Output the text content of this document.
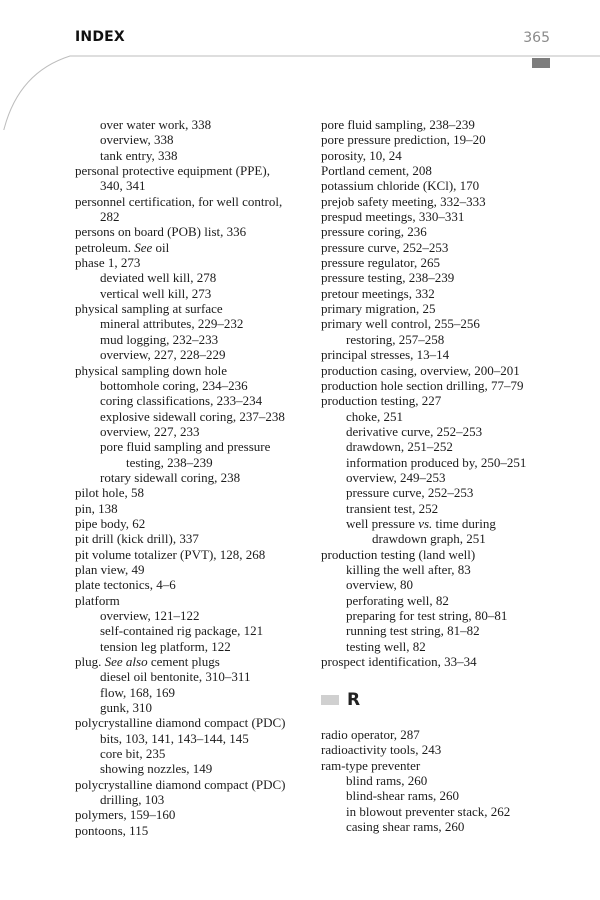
INDEX	365
over water work, 338
overview, 338
tank entry, 338
personal protective equipment (PPE),
340, 341
personnel certification, for well control,
282
persons on board (POB) list, 336
petroleum. See oil
phase 1, 273
deviated well kill, 278
vertical well kill, 273
physical sampling at surface
mineral attributes, 229–232
mud logging, 232–233
overview, 227, 228–229
physical sampling down hole
bottomhole coring, 234–236
coring classifications, 233–234
explosive sidewall coring, 237–238
overview, 227, 233
pore fluid sampling and pressure
testing, 238–239
rotary sidewall coring, 238
pilot hole, 58
pin, 138
pipe body, 62
pit drill (kick drill), 337
pit volume totalizer (PVT), 128, 268
plan view, 49
plate tectonics, 4–6
platform
overview, 121–122
self-contained rig package, 121
tension leg platform, 122
plug. See also cement plugs
diesel oil bentonite, 310–311
flow, 168, 169
gunk, 310
polycrystalline diamond compact (PDC)
bits, 103, 141, 143–144, 145
core bit, 235
showing nozzles, 149
polycrystalline diamond compact (PDC)
drilling, 103
polymers, 159–160
pontoons, 115
pore fluid sampling, 238–239
pore pressure prediction, 19–20
porosity, 10, 24
Portland cement, 208
potassium chloride (KCl), 170
prejob safety meeting, 332–333
prespud meetings, 330–331
pressure coring, 236
pressure curve, 252–253
pressure regulator, 265
pressure testing, 238–239
pretour meetings, 332
primary migration, 25
primary well control, 255–256
restoring, 257–258
principal stresses, 13–14
production casing, overview, 200–201
production hole section drilling, 77–79
production testing, 227
choke, 251
derivative curve, 252–253
drawdown, 251–252
information produced by, 250–251
overview, 249–253
pressure curve, 252–253
transient test, 252
well pressure vs. time during
drawdown graph, 251
production testing (land well)
killing the well after, 83
overview, 80
perforating well, 82
preparing for test string, 80–81
running test string, 81–82
testing well, 82
prospect identification, 33–34
R
radio operator, 287
radioactivity tools, 243
ram-type preventer
blind rams, 260
blind-shear rams, 260
in blowout preventer stack, 262
casing shear rams, 260
